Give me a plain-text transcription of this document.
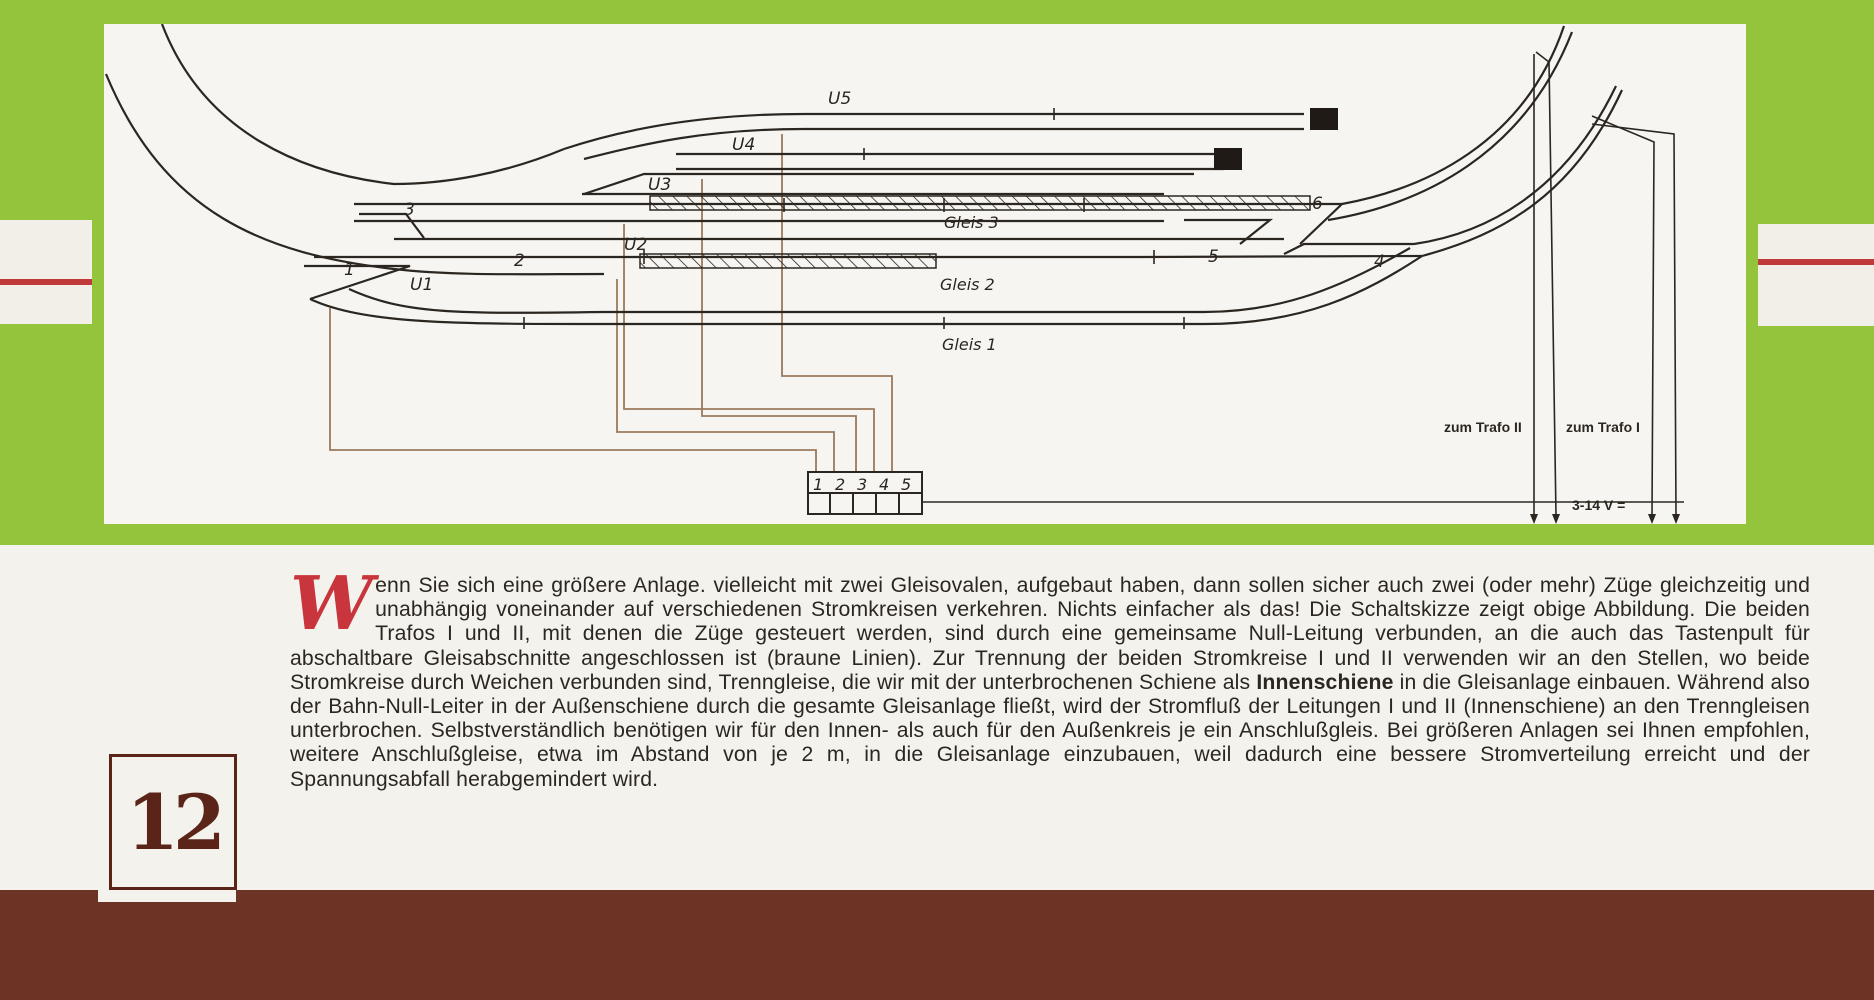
U5
U4
U3
U2
U1
1	2
3
4
5
6
Gleis 3
Gleis 2
Gleis 1
1 2 3 4 5
zum Trafo II	zum Trafo I
3-14 V =
Wenn Sie sich eine größere Anlage. vielleicht mit zwei Gleisovalen, aufgebaut haben, dann sollen sicher auch zwei (oder mehr) Züge gleichzeitig und unabhängig voneinander auf verschiedenen Stromkreisen verkehren. Nichts einfacher als das! Die Schaltskizze zeigt obige Abbildung. Die beiden Trafos I und II, mit denen die Züge gesteuert werden, sind durch eine gemeinsame Null-Leitung verbunden, an die auch das Tastenpult für abschaltbare Gleisabschnitte angeschlossen ist (braune Linien). Zur Trennung der beiden Stromkreise I und II verwenden wir an den Stellen, wo beide Stromkreise durch Weichen verbunden sind, Trenngleise, die wir mit der unterbrochenen Schiene als Innenschiene in die Gleisanlage einbauen. Während also der Bahn-Null-Leiter in der Außenschiene durch die gesamte Gleisanlage fließt, wird der Stromfluß der Leitungen I und II (Innenschiene) an den Trenngleisen unterbrochen. Selbstverständlich benötigen wir für den Innen- als auch für den Außenkreis je ein Anschlußgleis. Bei größeren Anlagen sei Ihnen empfohlen, weitere Anschlußgleise, etwa im Abstand von je 2 m, in die Gleisanlage einzubauen, weil dadurch eine bessere Stromverteilung erreicht und der Spannungsabfall herabgemindert wird.
12
